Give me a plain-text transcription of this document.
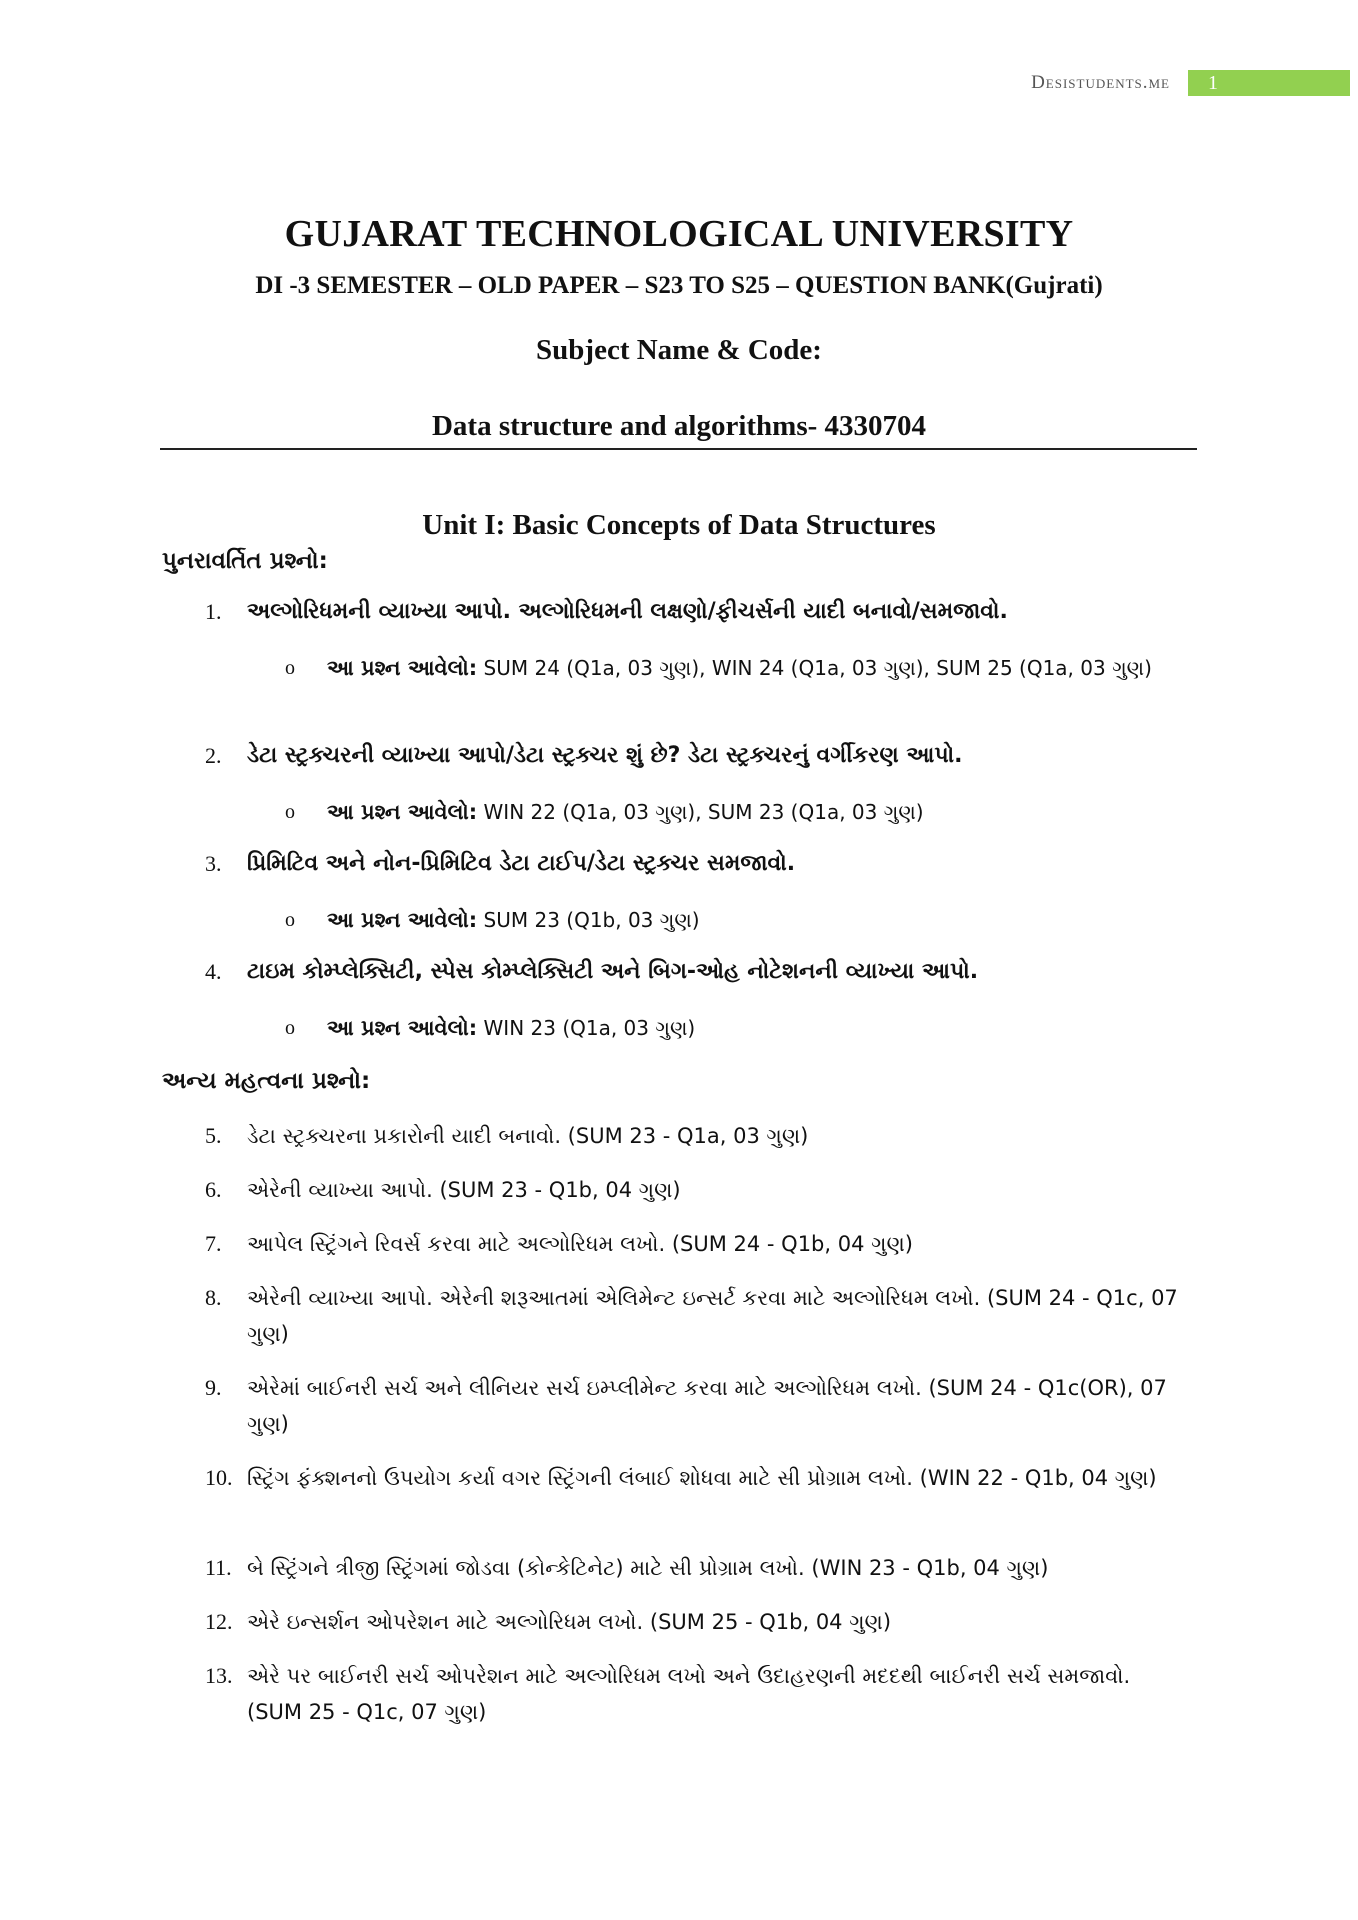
Desistudents.me	1
GUJARAT TECHNOLOGICAL UNIVERSITY
DI -3 SEMESTER – OLD PAPER – S23 TO S25 – QUESTION BANK(Gujrati)
Subject Name & Code:
Data structure and algorithms- 4330704
Unit I: Basic Concepts of Data Structures
પુનરાવર્તિત પ્રશ્નો:
1. અલ્ગોરિધમની વ્યાખ્યા આપો. અલ્ગોરિધમની લક્ષણો/ફીચર્સની યાદી બનાવો/સમજાવો.
o આ પ્રશ્ન આવેલો: SUM 24 (Q1a, 03 ગુણ), WIN 24 (Q1a, 03 ગુણ), SUM 25 (Q1a, 03 ગુણ)
2. ડેટા સ્ટ્રક્ચરની વ્યાખ્યા આપો/ડેટા સ્ટ્રક્ચર શું છે? ડેટા સ્ટ્રક્ચરનું વર્ગીકરણ આપો.
o આ પ્રશ્ન આવેલો: WIN 22 (Q1a, 03 ગુણ), SUM 23 (Q1a, 03 ગુણ)
3. પ્રિમિટિવ અને નોન-પ્રિમિટિવ ડેટા ટાઈપ/ડેટા સ્ટ્રક્ચર સમજાવો.
o આ પ્રશ્ન આવેલો: SUM 23 (Q1b, 03 ગુણ)
4. ટાઇમ કોમ્પ્લેક્સિટી, સ્પેસ કોમ્પ્લેક્સિટી અને બિગ-ઓહ નોટેશનની વ્યાખ્યા આપો.
o આ પ્રશ્ન આવેલો: WIN 23 (Q1a, 03 ગુણ)
અન્ય મહત્વના પ્રશ્નો:
5. ડેટા સ્ટ્રક્ચરના પ્રકારોની યાદી બનાવો. (SUM 23 - Q1a, 03 ગુણ)
6. એરેની વ્યાખ્યા આપો. (SUM 23 - Q1b, 04 ગુણ)
7. આપેલ સ્ટ્રિંગને રિવર્સ કરવા માટે અલ્ગોરિધમ લખો. (SUM 24 - Q1b, 04 ગુણ)
8. એરેની વ્યાખ્યા આપો. એરેની શરૂઆતમાં એલિમેન્ટ ઇન્સર્ટ કરવા માટે અલ્ગોરિધમ લખો. (SUM 24 - Q1c, 07 ગુણ)
9. એરેમાં બાઈનરી સર્ચ અને લીનિયર સર્ચ ઇમ્પ્લીમેન્ટ કરવા માટે અલ્ગોરિધમ લખો. (SUM 24 - Q1c(OR), 07 ગુણ)
10. સ્ટ્રિંગ ફંક્શનનો ઉપયોગ કર્યા વગર સ્ટ્રિંગની લંબાઈ શોધવા માટે સી પ્રોગ્રામ લખો. (WIN 22 - Q1b, 04 ગુણ)
11. બે સ્ટ્રિંગને ત્રીજી સ્ટ્રિંગમાં જોડવા (કોન્કેટિનેટ) માટે સી પ્રોગ્રામ લખો. (WIN 23 - Q1b, 04 ગુણ)
12. એરે ઇન્સર્શન ઓપરેશન માટે અલ્ગોરિધમ લખો. (SUM 25 - Q1b, 04 ગુણ)
13. એરે પર બાઈનરી સર્ચ ઓપરેશન માટે અલ્ગોરિધમ લખો અને ઉદાહરણની મદદથી બાઈનરી સર્ચ સમજાવો. (SUM 25 - Q1c, 07 ગુણ)
